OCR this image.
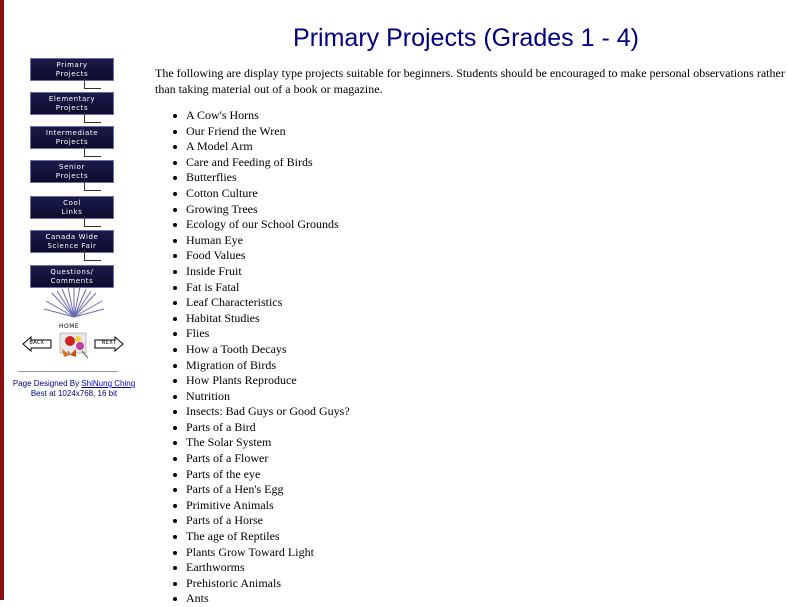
Primary
Projects
Elementary
Projects
Intermediate
Projects
Senior
Projects
Cool
Links
Canada Wide
Science Fair
Questions/
Comments
HOME
BACK	NEXT
Page Designed By ShiNung Ching
Best at 1024x768, 16 bit
Primary Projects (Grades 1 - 4)

The following are display type projects suitable for beginners. Students should be encouraged to make personal observations rather than taking material out of a book or magazine.

A Cow's Horns
Our Friend the Wren
A Model Arm
Care and Feeding of Birds
Butterflies
Cotton Culture
Growing Trees
Ecology of our School Grounds
Human Eye
Food Values
Inside Fruit
Fat is Fatal
Leaf Characteristics
Habitat Studies
Flies
How a Tooth Decays
Migration of Birds
How Plants Reproduce
Nutrition
Insects: Bad Guys or Good Guys?
Parts of a Bird
The Solar System
Parts of a Flower
Parts of the eye
Parts of a Hen's Egg
Primitive Animals
Parts of a Horse
The age of Reptiles
Plants Grow Toward Light
Earthworms
Prehistoric Animals
Ants
